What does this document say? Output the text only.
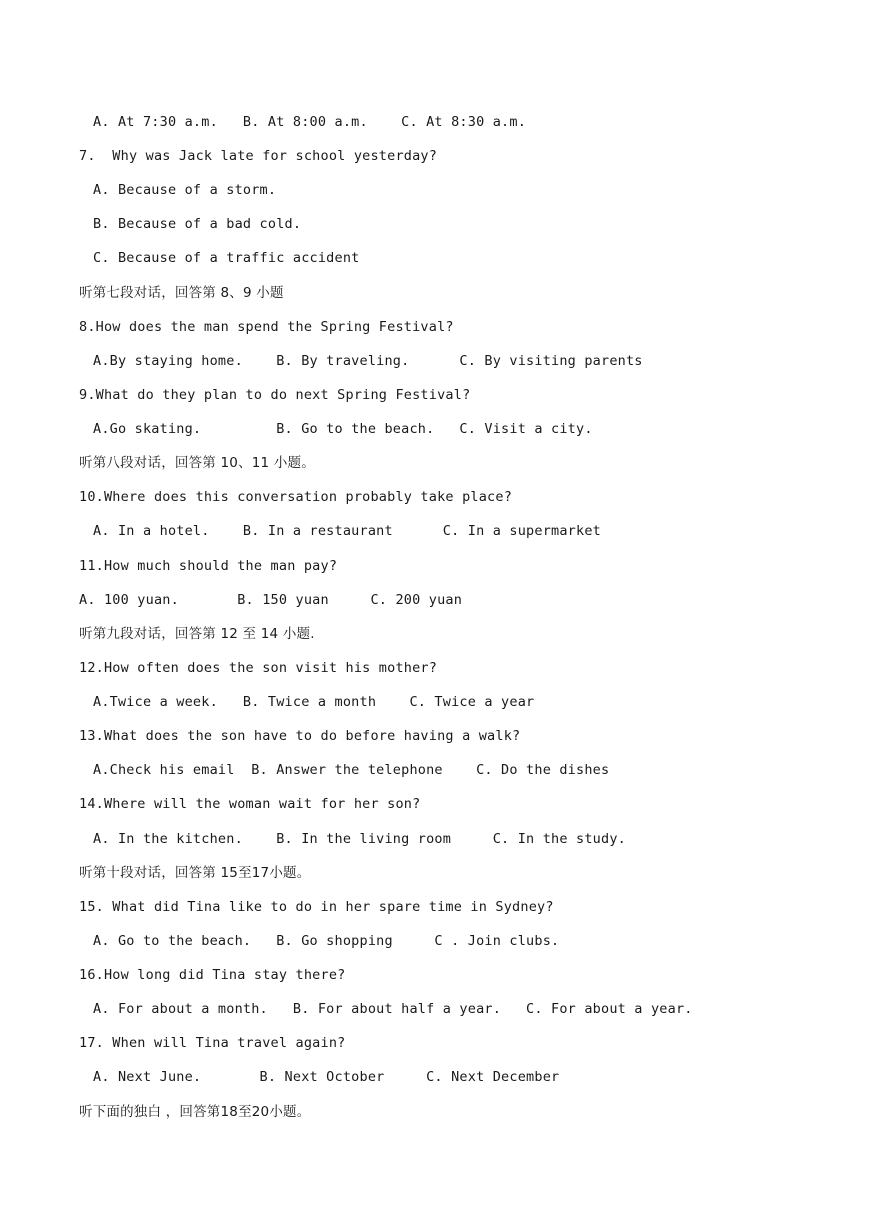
A. At 7:30 a.m.   B. At 8:00 a.m.    C. At 8:30 a.m.
7.  Why was Jack late for school yesterday?
A. Because of a storm.
B. Because of a bad cold.
C. Because of a traffic accident
听第七段对话，回答第 8、9 小题
8.How does the man spend the Spring Festival?
A.By staying home.    B. By traveling.      C. By visiting parents
9.What do they plan to do next Spring Festival?
A.Go skating.         B. Go to the beach.   C. Visit a city.
听第八段对话，回答第 10、11 小题。
10.Where does this conversation probably take place?
A. In a hotel.    B. In a restaurant      C. In a supermarket
11.How much should the man pay?
A. 100 yuan.       B. 150 yuan     C. 200 yuan
听第九段对话，回答第 12 至 14 小题.
12.How often does the son visit his mother?
A.Twice a week.   B. Twice a month    C. Twice a year
13.What does the son have to do before having a walk?
A.Check his email  B. Answer the telephone    C. Do the dishes
14.Where will the woman wait for her son?
A. In the kitchen.    B. In the living room     C. In the study.
听第十段对话，回答第 15至17小题。
15. What did Tina like to do in her spare time in Sydney?
A. Go to the beach.   B. Go shopping     C . Join clubs.
16.How long did Tina stay there?
A. For about a month.   B. For about half a year.   C. For about a year.
17. When will Tina travel again?
A. Next June.       B. Next October     C. Next December
听下面的独白 ，回答第18至20小题。
